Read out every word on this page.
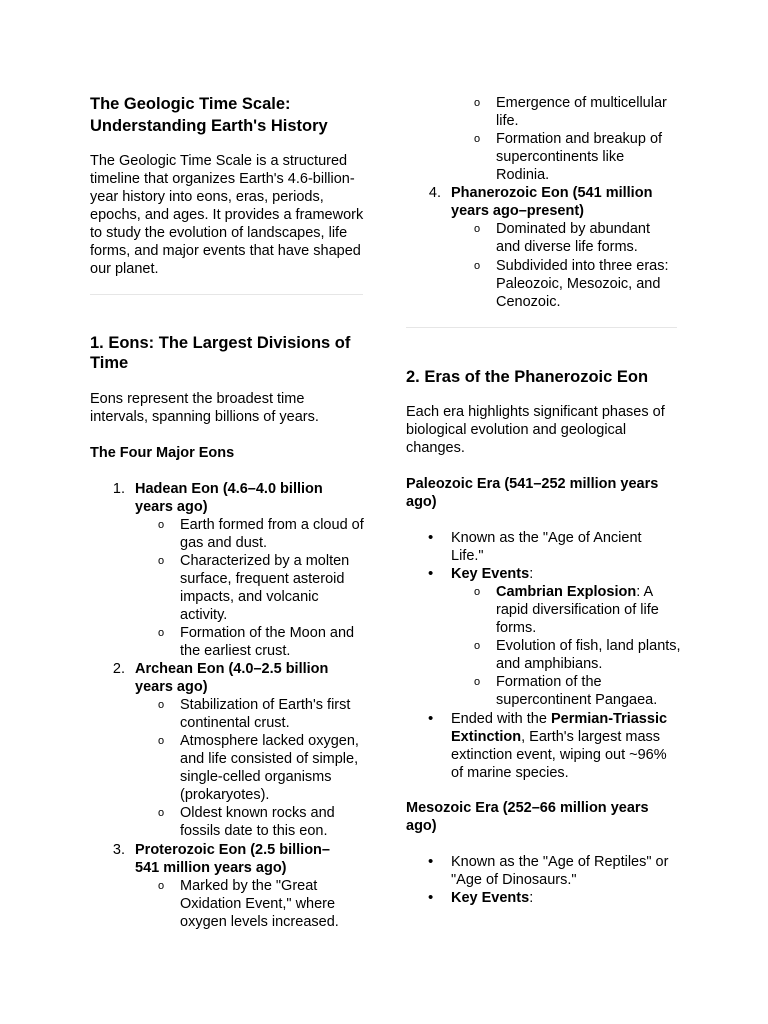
The Geologic Time Scale: Understanding Earth's History

The Geologic Time Scale is a structured timeline that organizes Earth's 4.6-billion-year history into eons, eras, periods, epochs, and ages. It provides a framework to study the evolution of landscapes, life forms, and major events that have shaped our planet.

1. Eons: The Largest Divisions of Time

Eons represent the broadest time intervals, spanning billions of years.

The Four Major Eons

1. Hadean Eon (4.6–4.0 billion years ago)

o Earth formed from a cloud of gas and dust.

o Characterized by a molten surface, frequent asteroid impacts, and volcanic activity.

o Formation of the Moon and the earliest crust.

2. Archean Eon (4.0–2.5 billion years ago)

o Stabilization of Earth's first continental crust.

o Atmosphere lacked oxygen, and life consisted of simple, single-celled organisms (prokaryotes).

o Oldest known rocks and fossils date to this eon.

3. Proterozoic Eon (2.5 billion–541 million years ago)

o Marked by the "Great Oxidation Event," where oxygen levels increased.

o Emergence of multicellular life.

o Formation and breakup of supercontinents like Rodinia.

4. Phanerozoic Eon (541 million years ago–present)

o Dominated by abundant and diverse life forms.

o Subdivided into three eras: Paleozoic, Mesozoic, and Cenozoic.

2. Eras of the Phanerozoic Eon

Each era highlights significant phases of biological evolution and geological changes.

Paleozoic Era (541–252 million years ago)

• Known as the "Age of Ancient Life."

• Key Events:

o Cambrian Explosion: A rapid diversification of life forms.

o Evolution of fish, land plants, and amphibians.

o Formation of the supercontinent Pangaea.

• Ended with the Permian-Triassic Extinction, Earth's largest mass extinction event, wiping out ~96% of marine species.

Mesozoic Era (252–66 million years ago)

• Known as the "Age of Reptiles" or "Age of Dinosaurs."

• Key Events:
